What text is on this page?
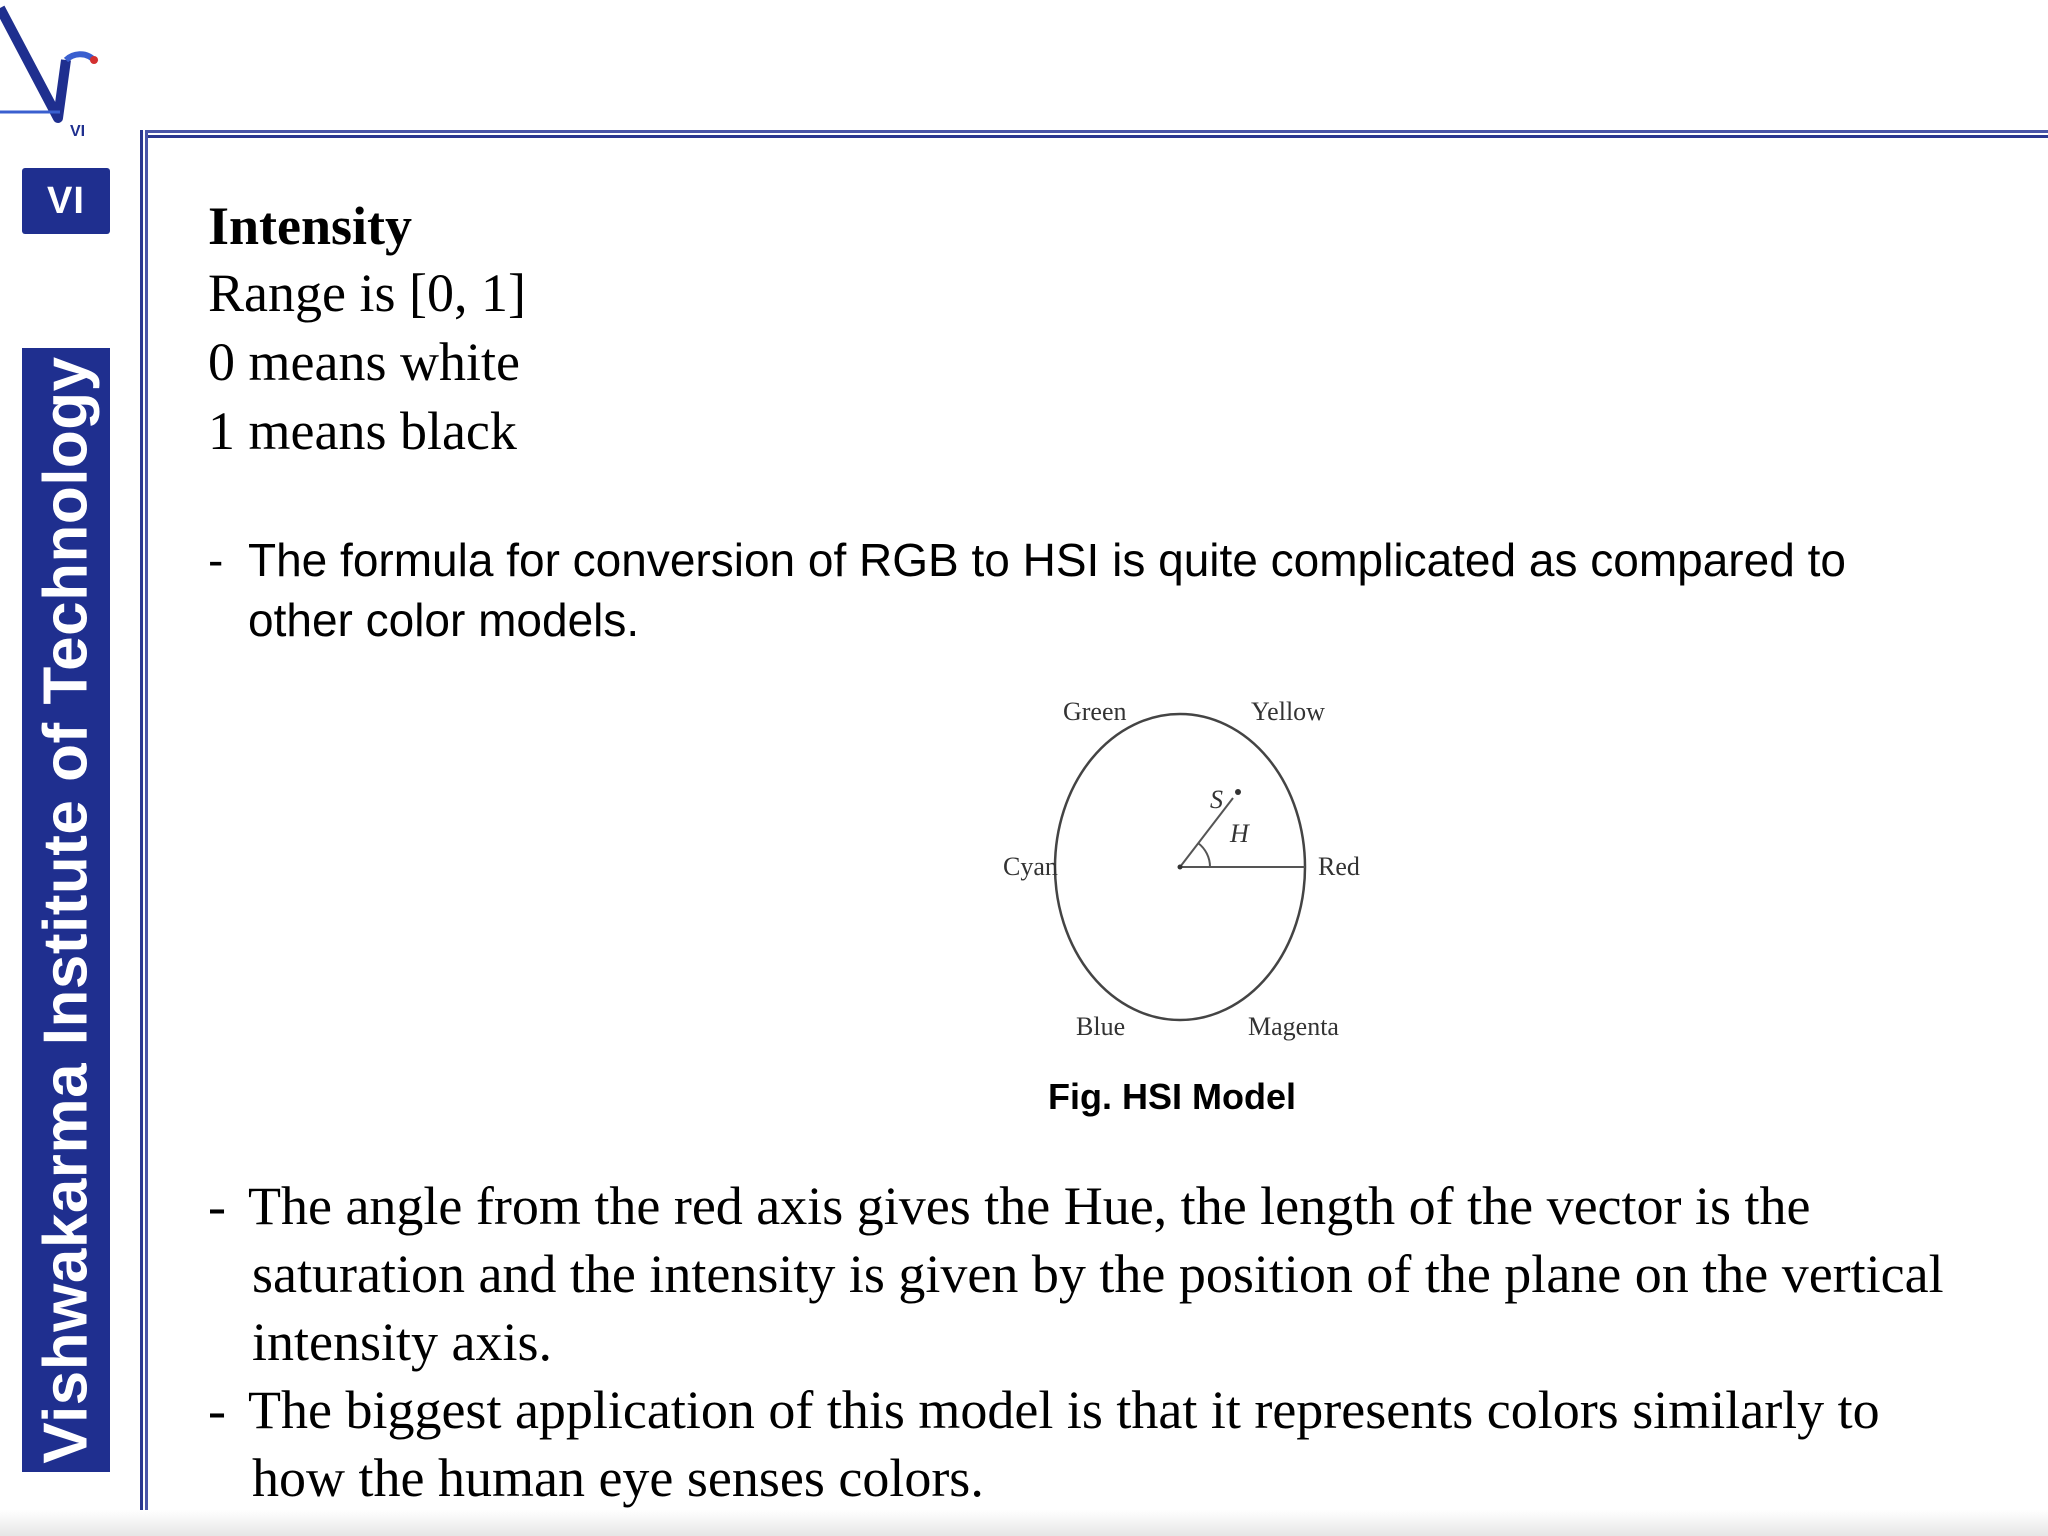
VI
VI
Vishwakarma Institute of Technology
Intensity
Range is [0, 1]
0 means white
1 means black
- The formula for conversion of RGB to HSI is quite complicated as compared to
other color models.
Green	Yellow
Cyan	Red
Blue	Magenta
S
H
Fig. HSI Model
- The angle from the red axis gives the Hue, the length of the vector is the
saturation and the intensity is given by the position of the plane on the vertical
intensity axis.
- The biggest application of this model is that it represents colors similarly to
how the human eye senses colors.
